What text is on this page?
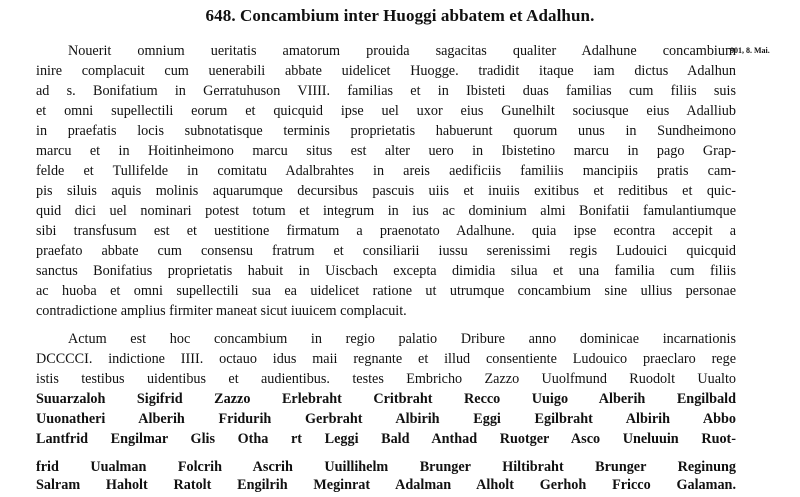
648. Concambium inter Huoggi abbatem et Adalhun.
901, 8. Mai.
Nouerit omnium ueritatis amatorum prouida sagacitas qualiter Adalhune concambium
inire complacuit cum uenerabili abbate uidelicet Huogge. tradidit itaque iam dictus Adalhun
ad s. Bonifatium in Gerratuhuson VIIII. familias et in Ibisteti duas familias cum filiis suis
et omni supellectili eorum et quicquid ipse uel uxor eius Gunelhilt sociusque eius Adalliub
in praefatis locis subnotatisque terminis proprietatis habuerunt quorum unus in Sundheimono
marcu et in Hoitinheimono marcu situs est alter uero in Ibistetino marcu in pago Grap-
felde et Tullifelde in comitatu Adalbrahtes in areis aedificiis familiis mancipiis pratis cam-
pis siluis aquis molinis aquarumque decursibus pascuis uiis et inuiis exitibus et reditibus et quic-
quid dici uel nominari potest totum et integrum in ius ac dominium almi Bonifatii famulantiumque
sibi transfusum est et uestitione firmatum a praenotato Adalhune. quia ipse econtra accepit a
praefato abbate cum consensu fratrum et consiliarii iussu serenissimi regis Ludouici quicquid
sanctus Bonifatius proprietatis habuit in Uiscbach excepta dimidia silua et una familia cum filiis
ac huoba et omni supellectili sua ea uidelicet ratione ut utrumque concambium sine ullius personae
contradictione amplius firmiter maneat sicut iuuicem complacuit.
Actum est hoc concambium in regio palatio Dribure anno dominicae incarnationis
DCCCCI. indictione IIII. octauo idus maii regnante et illud consentiente Ludouico praeclaro rege
istis testibus uidentibus et audientibus. testes Embricho Zazzo Uuolfmund Ruodolt Uualto
Suuarzaloh Sigifrid Zazzo Erlebraht Critbraht Recco Uuigo Alberih Engilbald
Uuonatheri Alberih Fridurih Gerbraht Albirih Eggi Egilbraht Albirih Abbo
Lantfrid Engilmar Glis Otha rt Leggi Bald Anthad Ruotger Asco Uneluuin Ruot-
frid Uualman Folcrih Ascrih Uuillihelm Brunger Hiltibraht Brunger Reginung
Salram Haholt Ratolt Engilrih Meginrat Adalman Alholt Gerhoh Fricco Galaman.
